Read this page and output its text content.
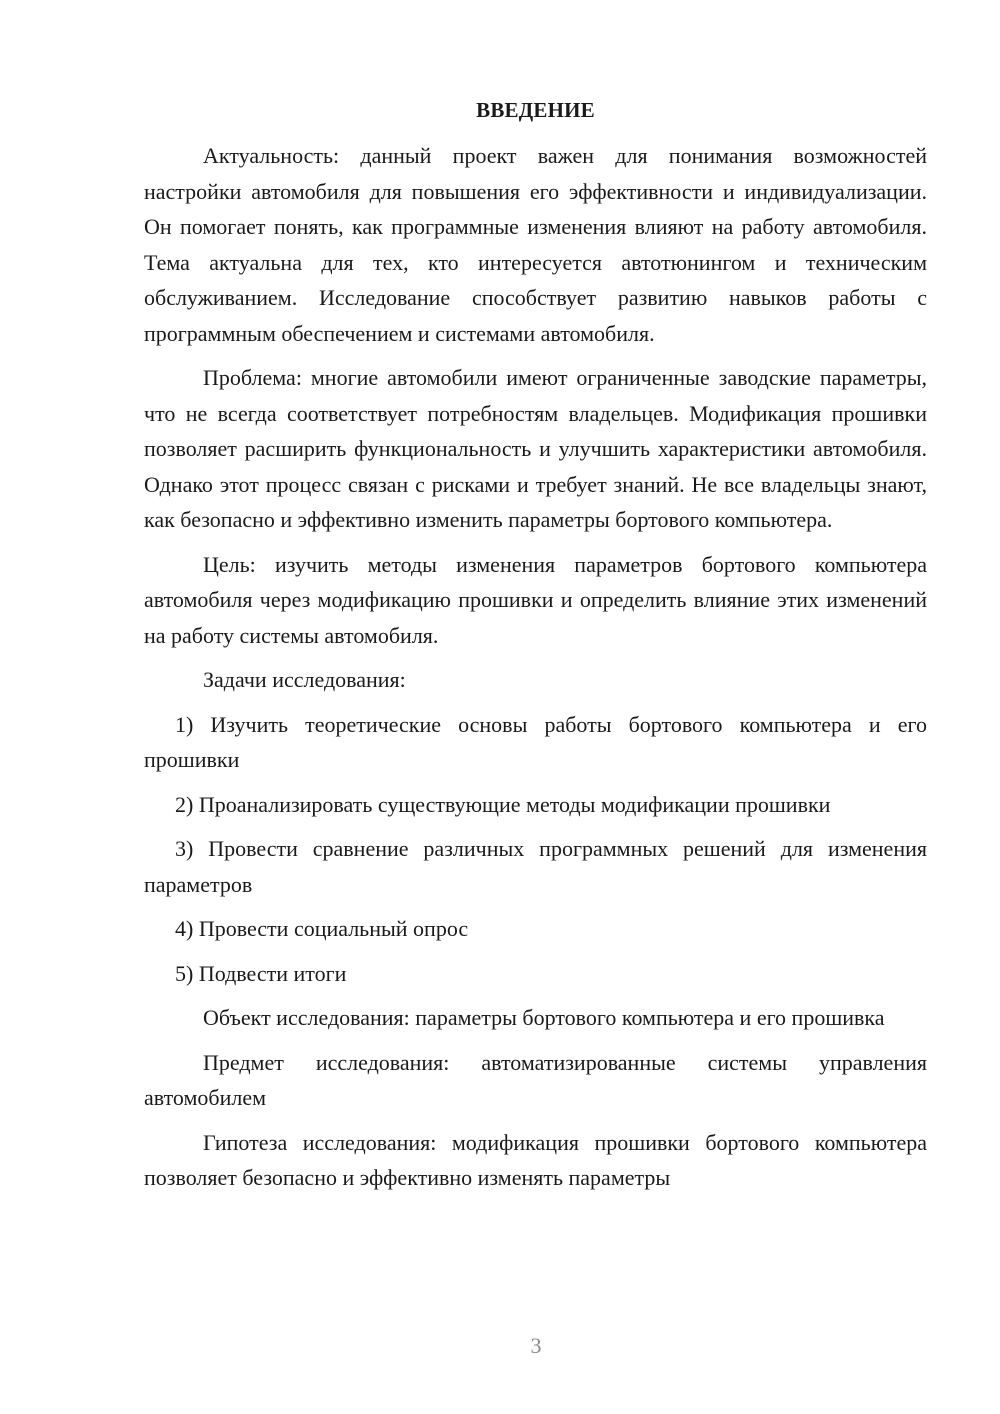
ВВЕДЕНИЕ

Актуальность: данный проект важен для понимания возможностей настройки автомобиля для повышения его эффективности и индивидуализации. Он помогает понять, как программные изменения влияют на работу автомобиля. Тема актуальна для тех, кто интересуется автотюнингом и техническим обслуживанием. Исследование способствует развитию навыков работы с программным обеспечением и системами автомобиля.

Проблема: многие автомобили имеют ограниченные заводские параметры, что не всегда соответствует потребностям владельцев. Модификация прошивки позволяет расширить функциональность и улучшить характеристики автомобиля. Однако этот процесс связан с рисками и требует знаний. Не все владельцы знают, как безопасно и эффективно изменить параметры бортового компьютера.

Цель: изучить методы изменения параметров бортового компьютера автомобиля через модификацию прошивки и определить влияние этих изменений на работу системы автомобиля.

Задачи исследования:

1) Изучить теоретические основы работы бортового компьютера и его прошивки

2) Проанализировать существующие методы модификации прошивки

3) Провести сравнение различных программных решений для изменения параметров

4) Провести социальный опрос

5) Подвести итоги

Объект исследования: параметры бортового компьютера и его прошивка

Предмет исследования: автоматизированные системы управления автомобилем

Гипотеза исследования: модификация прошивки бортового компьютера позволяет безопасно и эффективно изменять параметры

3
